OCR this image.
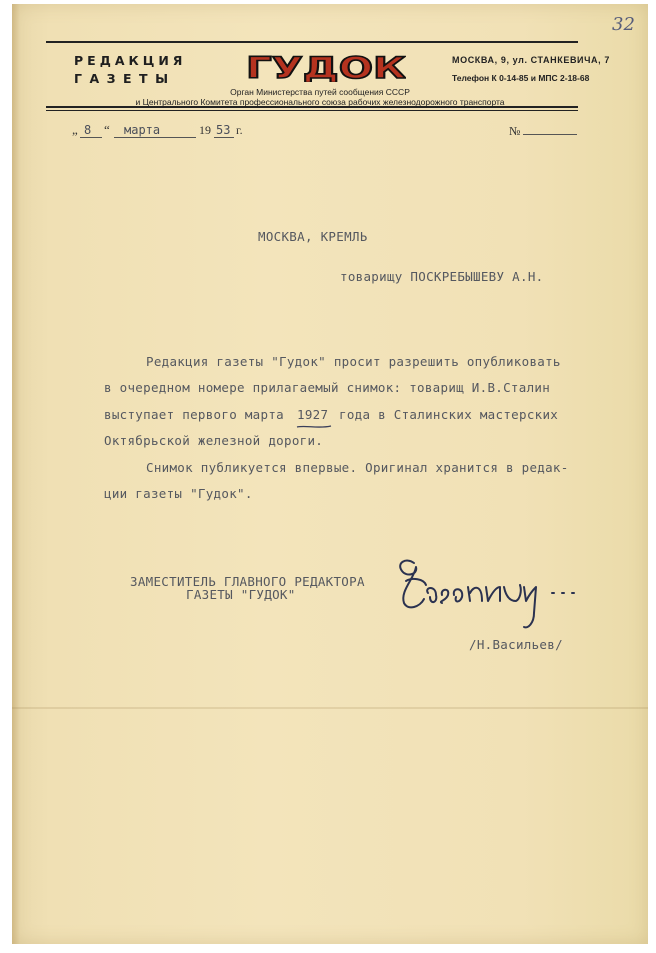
32
РЕДАКЦИЯ
ГАЗЕТЫ ГУДОК	МОСКВА, 9, ул. СТАНКЕВИЧА, 7
Телефон К 0-14-85 и МПС 2-18-68
Орган Министерства путей сообщения СССР
и Центрального Комитета профессионального союза рабочих железнодорожного транспорта
„ 8 “ марта	19 53 г.	№
МОСКВА, КРЕМЛЬ
товарищу ПОСКРЕБЫШЕВУ А.Н.
Редакция газеты "Гудок" просит разрешить опубликовать
в очередном номере прилагаемый снимок: товарищ И.В.Сталин
выступает первого марта 1927 года в Сталинских мастерских
Октябрьской железной дороги.
Снимок публикуется впервые. Оригинал хранится в редак-
ции газеты "Гудок".
ЗАМЕСТИТЕЛЬ ГЛАВНОГО РЕДАКТОРА
ГАЗЕТЫ "ГУДОК"
Васильев
/Н.Васильев/
